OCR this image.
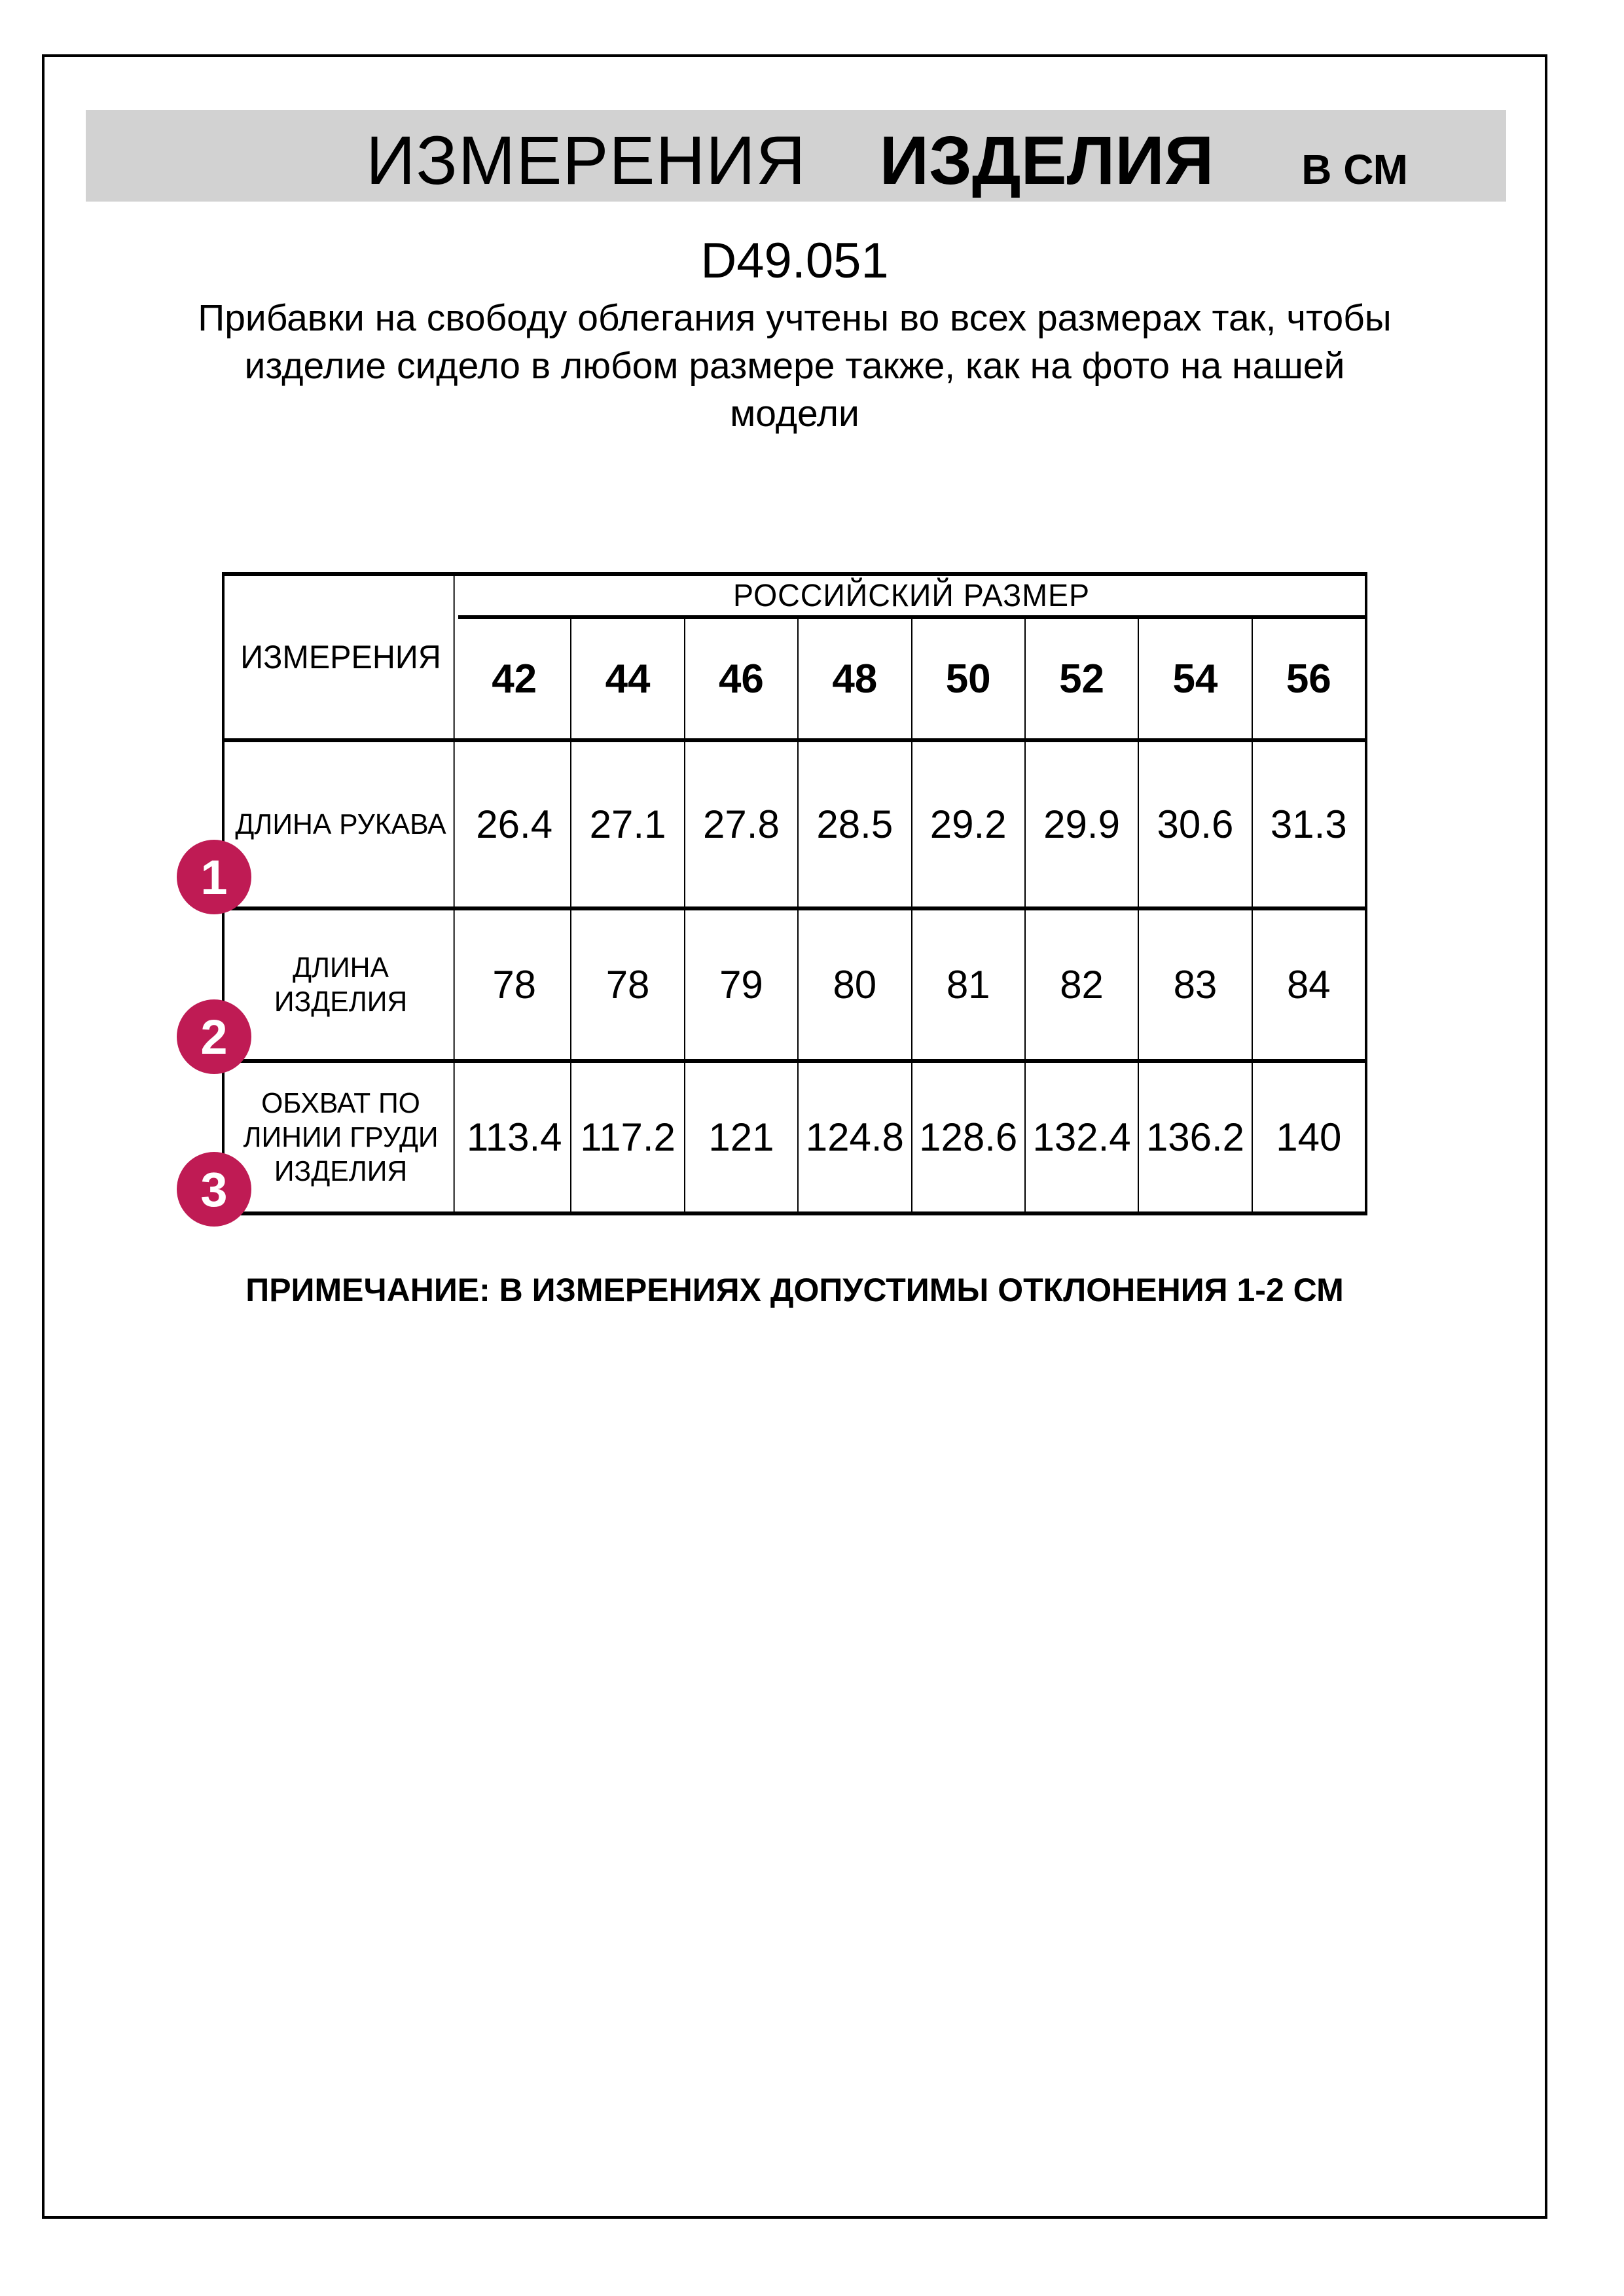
ИЗМЕРЕНИЯ ИЗДЕЛИЯ В СМ
D49.051
Прибавки на свободу облегания учтены во всех размерах так, чтобы
изделие сидело в любом размере также, как на фото на нашей
модели
ИЗМЕРЕНИЯ
РОССИЙСКИЙ РАЗМЕР
42	44	46	48	50	52	54	56
ДЛИНА РУКАВА 26.4 27.1 27.8 28.5 29.2 29.9 30.6 31.3
ДЛИНА
ИЗДЕЛИЯ	78	78	79	80	81	82	83	84
ОБХВАТ ПО
ЛИНИИ ГРУДИ
ИЗДЕЛИЯ
113.4 117.2 121 124.8 128.6 132.4 136.2 140
1
2
3
ПРИМЕЧАНИЕ: В ИЗМЕРЕНИЯХ ДОПУСТИМЫ ОТКЛОНЕНИЯ 1-2 СМ
